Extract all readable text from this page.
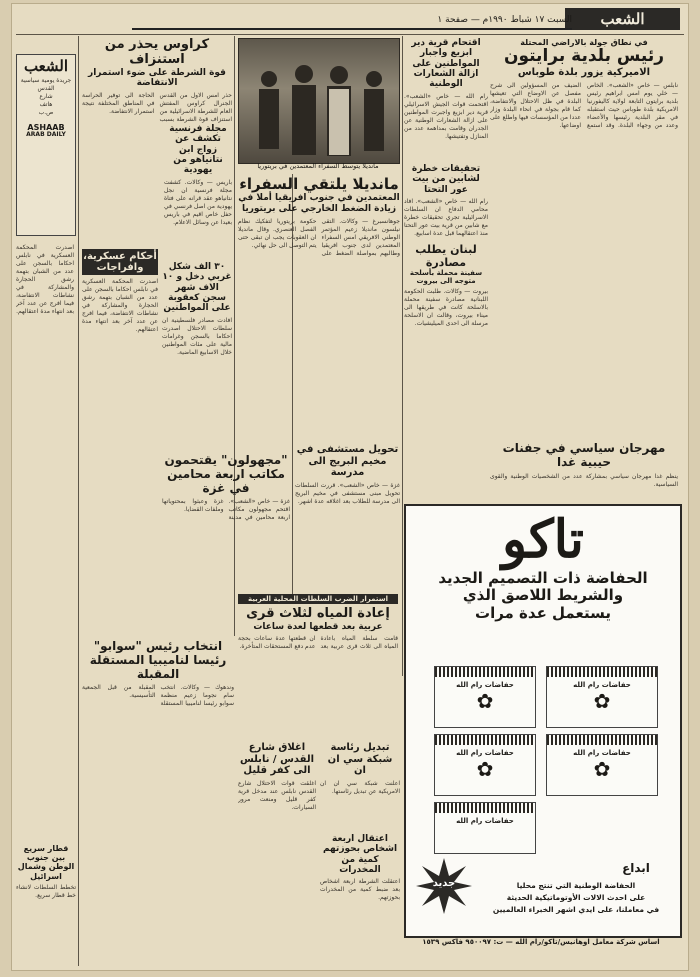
الشعب
السبت ١٧ شباط ١٩٩٠م — صفحة ١
في نطاق جولة بالاراضي المحتلة
رئيس بلدية برايتون
الاميركية يزور بلدة طوباس
نابلس — خاص «الشعب». الخاص — خلي يوم امس ابراهيم رئيس بلدية برايتون التابعة لولاية كاليفورنيا الامريكية بلدة طوباس حيث استقبله في مقر البلدية رئيسها والأعضاء وعدد من وجهاء البلدة. وقد استمع الضيف من المسؤولين الى شرح مفصل عن الاوضاع التي تعيشها البلدة في ظل الاحتلال والانتفاضة، كما قام بجولة في انحاء البلدة وزار عددا من المؤسسات فيها واطلع على اوضاعها.
مهرجان سياسي في جفنات حيبية غدا
ينظم غدا مهرجان سياسي بمشاركة عدد من الشخصيات الوطنية والقوى السياسية.
اقتحام قرية دير ابزيع واجبار المواطنين على ازالة الشعارات الوطنية
رام الله — خاص «الشعب». اقتحمت قوات الجيش الاسرائيلي قرية دير ابزيع واجبرت المواطنين على ازالة الشعارات الوطنية عن الجدران وقامت بمداهمة عدد من المنازل وتفتيشها.
تحقيقات خطرة لشابين من بيت عور التحتا
رام الله — خاص «الشعب». افاد محامي الدفاع ان السلطات الاسرائيلية تجري تحقيقات خطرة مع شابين من قرية بيت عور التحتا منذ اعتقالهما قبل عدة اسابيع.
لبنان يطلب مصادرة
سفينة محملة بأسلحة متوجه الى بيروت
بيروت — وكالات. طلبت الحكومة اللبنانية مصادرة سفينة محملة بالاسلحة كانت في طريقها الى ميناء بيروت، وقالت ان الاسلحة مرسلة الى احدى الميليشيات.
كراوس يحذر من استنزاف
قوة الشرطة على ضوء استمرار الانتفاضة
حذر امس الاول من القدس الجنرال كراوس المفتش العام للشرطة الاسرائيلية من استنزاف قوة الشرطة بسبب الحاجة الى توفير الحراسة في المناطق المختلفة نتيجة استمرار الانتفاضة.
مانديلا يتوسط السفراء المعتمدين في بريتوريا
مانديلا يلتقي السفراء
المعتمدين في جنوب افريقيا أملا في زيادة الضغط الخارجي على بريتوريا
جوهانسبرغ — وكالات. التقى نيلسون مانديلا زعيم المؤتمر الوطني الافريقي امس السفراء المعتمدين لدى جنوب افريقيا وطالبهم بمواصلة الضغط على حكومة بريتوريا لتفكيك نظام الفصل العنصري. وقال مانديلا ان العقوبات يجب ان تبقى حتى يتم التوصل الى حل نهائي.
تحويل مستشفى في مخيم البريج الى مدرسة
غزة — خاص «الشعب». قررت السلطات تحويل مبنى مستشفى في مخيم البريج الى مدرسة للطلاب بعد اغلاقه عدة اشهر.
مجلة فرنسية تكشف عن زواج ابن نتانياهو من يهودية
باريس — وكالات. كشفت مجلة فرنسية ان نجل نتانياهو عقد قرانه على فتاة يهودية من اصل فرنسي في حفل خاص اقيم في باريس بعيدا عن وسائل الاعلام.
أحكام عسكرية، وافراجات
اصدرت المحكمة العسكرية في نابلس احكاما بالسجن على عدد من الشبان بتهمة رشق الحجارة والمشاركة في نشاطات الانتفاضة، فيما افرج عن عدد آخر بعد انتهاء مدة اعتقالهم.
٣٠ الف شكل غربي دخل و ١٠ الاف شهر سجن كعقوبة على المواطنين
افادت مصادر فلسطينية ان سلطات الاحتلال اصدرت احكاما بالسجن وغرامات مالية على مئات المواطنين خلال الاسابيع الماضية.
"مجهولون" يقتحمون مكاتب اربعة محامين في غزة
غزة — خاص «الشعب». اقتحم مجهولون مكاتب اربعة محامين في مدينة غزة وعبثوا بمحتوياتها وملفات القضايا.
استمرار الضرب السلطات المحلية العربية
إعادة المياه لثلاث قرى
عربية بعد قطعها لعدة ساعات
قامت سلطة المياه باعادة المياه الى ثلاث قرى عربية بعد ان قطعتها عدة ساعات بحجة عدم دفع المستحقات المتأخرة.
اغلاق شارع القدس / نابلس الى كفر قليل
اغلقت قوات الاحتلال شارع القدس نابلس عند مدخل قرية كفر قليل ومنعت مرور السيارات.
تبديل رئاسة شبكة سي ان ان
اعلنت شبكة سي ان ان الامريكية عن تبديل رئاستها.
اعتقال اربعة اشخاص بحوزتهم كمية من المخدرات
اعتقلت الشرطة اربعة اشخاص بعد ضبط كمية من المخدرات بحوزتهم.
انتخاب رئيس "سوابو" رئيسا لناميبيا المستقلة المقبلة
وندهوك — وكالات. انتخب سام نجوما زعيم منظمة سوابو رئيسا لناميبيا المستقلة المقبلة من قبل الجمعية التأسيسية.
قطار سريع بين جنوب الوطن وشمال اسرائيل
تخطط السلطات لانشاء خط قطار سريع.
الشعب
جريدة يومية سياسية
القدس
شارع
هاتف
ص.ب
ASHAAB
ARAB DAILY
اصدرت المحكمة العسكرية في نابلس احكاما بالسجن على عدد من الشبان بتهمة رشق الحجارة والمشاركة في نشاطات الانتفاضة، فيما افرج عن عدد آخر بعد انتهاء مدة اعتقالهم.
تاكو
الحفاضة ذات التصميم الجديد
والشريط اللاصق الذي
يستعمل عدة مرات
حفاضات رام الله
✿
حفاضات رام الله
✿
حفاضات رام الله
✿
حفاضات رام الله
✿
حفاضات رام الله
جديد
ابداع
الحفاضة الوطنية التي تنتج محليا
على احدث الالات الأوتوماتيكية الحديثة
في معاملنا، على ايدي اشهر الخبراء العالميين
اساس شركة معامل اوهانيس/تاكو/رام الله — ت: ٩٥٠٠٩٧ فاكس ١٥٣٩
